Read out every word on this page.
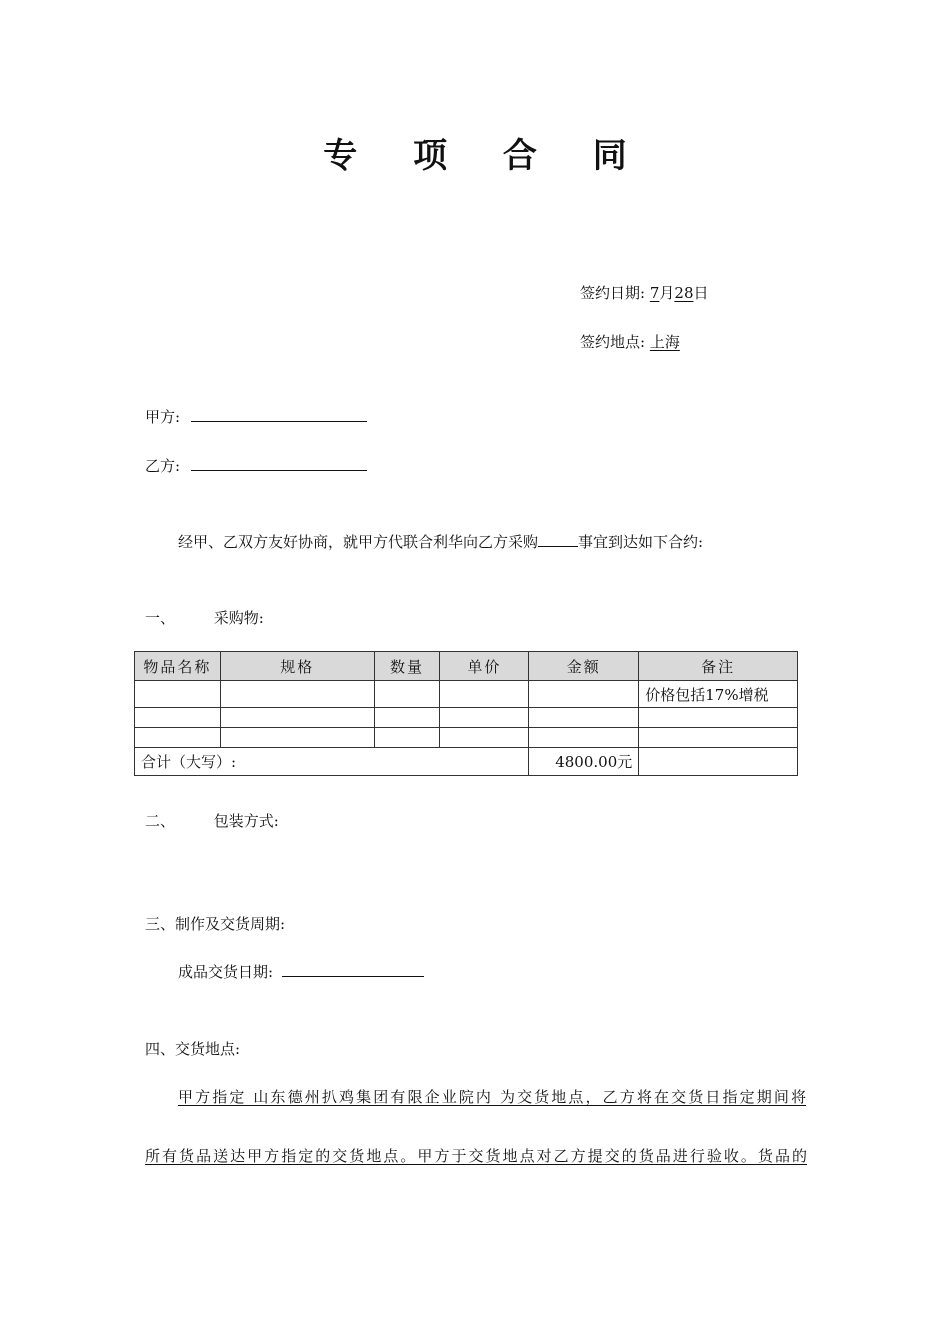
专 项 合 同
签约日期: 7月28日
签约地点: 上海
甲方:
乙方:
经甲、乙双方友好协商，就甲方代联合利华向乙方采购	事宜到达如下合约:
一、	采购物:
物品名称	规格	数量	单价	金额	备注
					价格包括17%增税

合计（大写）:				4800.00元	
二、	包装方式:
三、制作及交货周期:
成品交货日期:
四、交货地点:
甲方指定 山东德州扒鸡集团有限企业院内 为交货地点，乙方将在交货日指定期间将
所有货品送达甲方指定的交货地点。甲方于交货地点对乙方提交的货品进行验收。货品的
